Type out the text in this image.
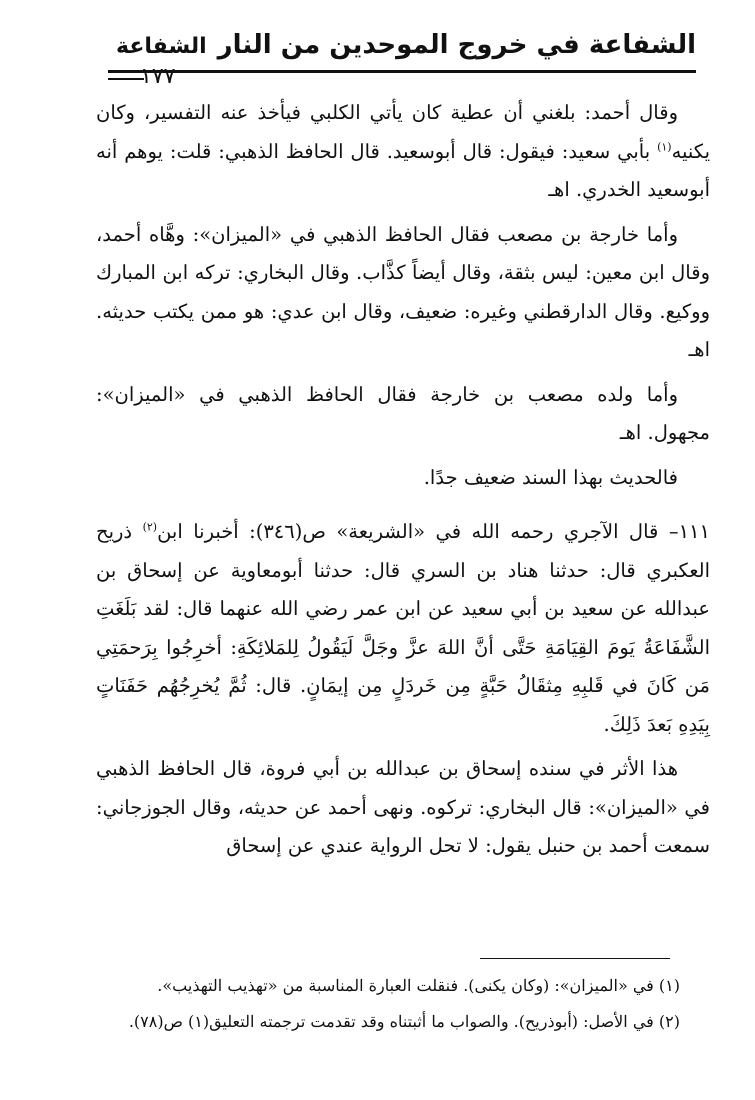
الشفاعة في خروج الموحدين من النار
الشفاعة
١٧٧

وقال أحمد: بلغني أن عطية كان يأتي الكلبي فيأخذ عنه التفسير، وكان يكنيه$^{(١)}$ بأبي سعيد: فيقول: قال أبوسعيد. قال الحافظ الذهبي: قلت: يوهم أنه أبوسعيد الخدري. اهـ

وأما خارجة بن مصعب فقال الحافظ الذهبي في «الميزان»: وهَّاه أحمد، وقال ابن معين: ليس بثقة، وقال أيضاً كذَّاب. وقال البخاري: تركه ابن المبارك ووكيع. وقال الدارقطني وغيره: ضعيف، وقال ابن عدي: هو ممن يكتب حديثه. اهـ

وأما ولده مصعب بن خارجة فقال الحافظ الذهبي في «الميزان»: مجهول. اهـ

فالحديث بهذا السند ضعيف جدًا.

١١١– قال الآجري رحمه الله في «الشريعة» ص(٣٤٦): أخبرنا ابن$^{(٢)}$ ذريح العكبري قال: حدثنا هناد بن السري قال: حدثنا أبومعاوية عن إسحاق بن عبدالله عن سعيد بن أبي سعيد عن ابن عمر رضي الله عنهما قال: لقد بَلَغَتِ الشَّفَاعَةُ يَومَ القِيَامَةِ حَتَّى أنَّ اللهَ عزَّ وجَلَّ لَيَقُولُ لِلمَلائِكَةِ: أخرِجُوا بِرَحمَتِي مَن كَانَ في قَلبِهِ مِثقَالُ حَبَّةٍ مِن خَردَلٍ مِن إيمَانٍ. قال: ثُمَّ يُخرِجُهُم حَفَنَاتٍ بِيَدِهِ بَعدَ ذَلِكَ.

هذا الأثر في سنده إسحاق بن عبدالله بن أبي فروة، قال الحافظ الذهبي في «الميزان»: قال البخاري: تركوه. ونهى أحمد عن حديثه، وقال الجوزجاني: سمعت أحمد بن حنبل يقول: لا تحل الرواية عندي عن إسحاق

(١) في «الميزان»: (وكان يكنى). فنقلت العبارة المناسبة من «تهذيب التهذيب».

(٢) في الأصل: (أبوذريح). والصواب ما أثبتناه وقد تقدمت ترجمته التعليق(١) ص(٧٨).
